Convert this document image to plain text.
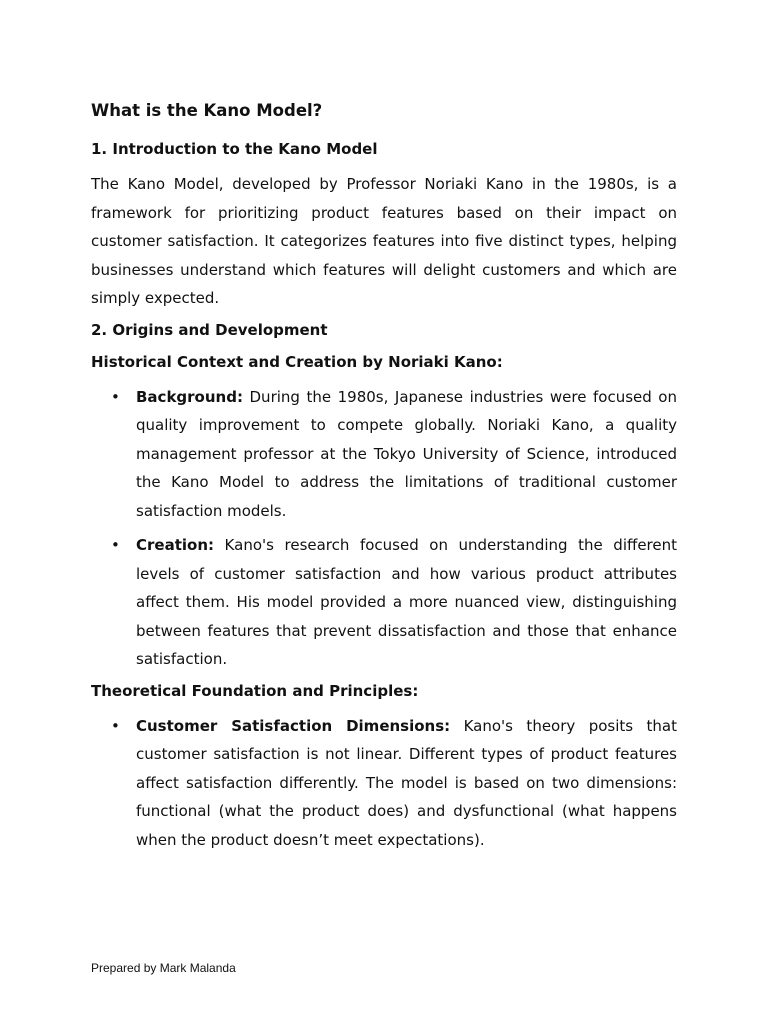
What is the Kano Model?
1. Introduction to the Kano Model

The Kano Model, developed by Professor Noriaki Kano in the 1980s, is a framework for prioritizing product features based on their impact on customer satisfaction. It categorizes features into five distinct types, helping businesses understand which features will delight customers and which are simply expected.

2. Origins and Development
Historical Context and Creation by Noriaki Kano:
• Background: During the 1980s, Japanese industries were focused on quality improvement to compete globally. Noriaki Kano, a quality management professor at the Tokyo University of Science, introduced the Kano Model to address the limitations of traditional customer satisfaction models.
• Creation: Kano's research focused on understanding the different levels of customer satisfaction and how various product attributes affect them. His model provided a more nuanced view, distinguishing between features that prevent dissatisfaction and those that enhance satisfaction.
Theoretical Foundation and Principles:
• Customer Satisfaction Dimensions: Kano's theory posits that customer satisfaction is not linear. Different types of product features affect satisfaction differently. The model is based on two dimensions: functional (what the product does) and dysfunctional (what happens when the product doesn’t meet expectations).
Prepared by Mark Malanda
